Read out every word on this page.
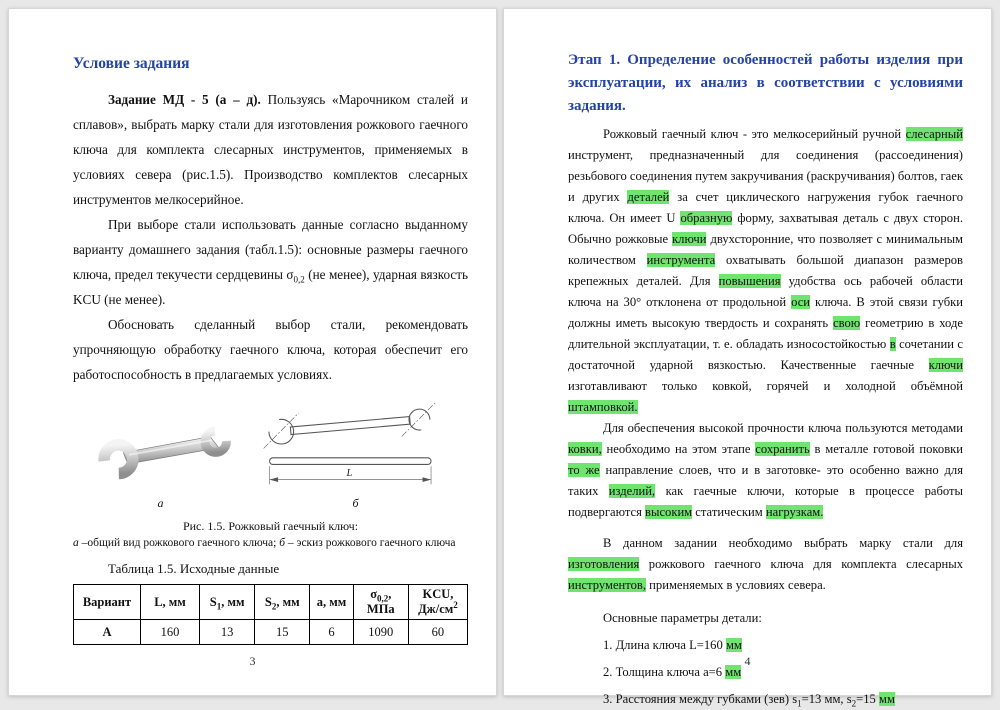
Условие задания

Задание МД - 5 (а – д). Пользуясь «Марочником сталей и сплавов», выбрать марку стали для изготовления рожкового гаечного ключа для комплекта слесарных инструментов, применяемых в условиях севера (рис.1.5). Производство комплектов слесарных инструментов мелкосерийное.

При выборе стали использовать данные согласно выданному варианту домашнего задания (табл.1.5): основные размеры гаечного ключа, предел текучести сердцевины $\sigma_{0,2}$ (не менее), ударная вязкость KCU (не менее).

Обосновать сделанный выбор стали, рекомендовать упрочняющую обработку гаечного ключа, которая обеспечит его работоспособность в предлагаемых условиях.

а
L
б
Рис. 1.5. Рожковый гаечный ключ:
а –общий вид рожкового гаечного ключа; б – эскиз рожкового гаечного ключа
Таблица 1.5. Исходные данные
Вариант	L, мм	$S_1$, мм	$S_2$, мм	а, мм	$\sigma_{0,2}$, МПа	KCU,
$Дж/см^2$
А	160	13	15	6	1090	60
3
Этап 1. Определение особенностей работы изделия при эксплуатации, их анализ в соответствии с условиями задания.

Рожковый гаечный ключ - это мелкосерийный ручной слесарный инструмент, предназначенный для соединения (рассоединения) резьбового соединения путем закручивания (раскручивания) болтов, гаек и других деталей за счет циклического нагружения губок гаечного ключа. Он имеет U образную форму, захватывая деталь с двух сторон. Обычно рожковые ключи двухсторонние, что позволяет с минимальным количеством инструмента охватывать большой диапазон размеров крепежных деталей. Для повышения удобства ось рабочей области ключа на 30° отклонена от продольной оси ключа. В этой связи губки должны иметь высокую твердость и сохранять свою геометрию в ходе длительной эксплуатации, т. е. обладать износостойкостью в сочетании с достаточной ударной вязкостью. Качественные гаечные ключи изготавливают только ковкой, горячей и холодной объёмной штамповкой.

Для обеспечения высокой прочности ключа пользуются методами ковки, необходимо на этом этапе сохранить в металле готовой поковки то же направление слоев, что и в заготовке- это особенно важно для таких изделий, как гаечные ключи, которые в процессе работы подвергаются высоким статическим нагрузкам.

В данном задании необходимо выбрать марку стали для изготовления рожкового гаечного ключа для комплекта слесарных инструментов, применяемых в условиях севера.

Основные параметры детали:

1. Длина ключа L=160 мм

2. Толщина ключа а=6 мм

3. Расстояния между губками (зев) $s_1=13$ мм, $s_2=15$ мм

4
